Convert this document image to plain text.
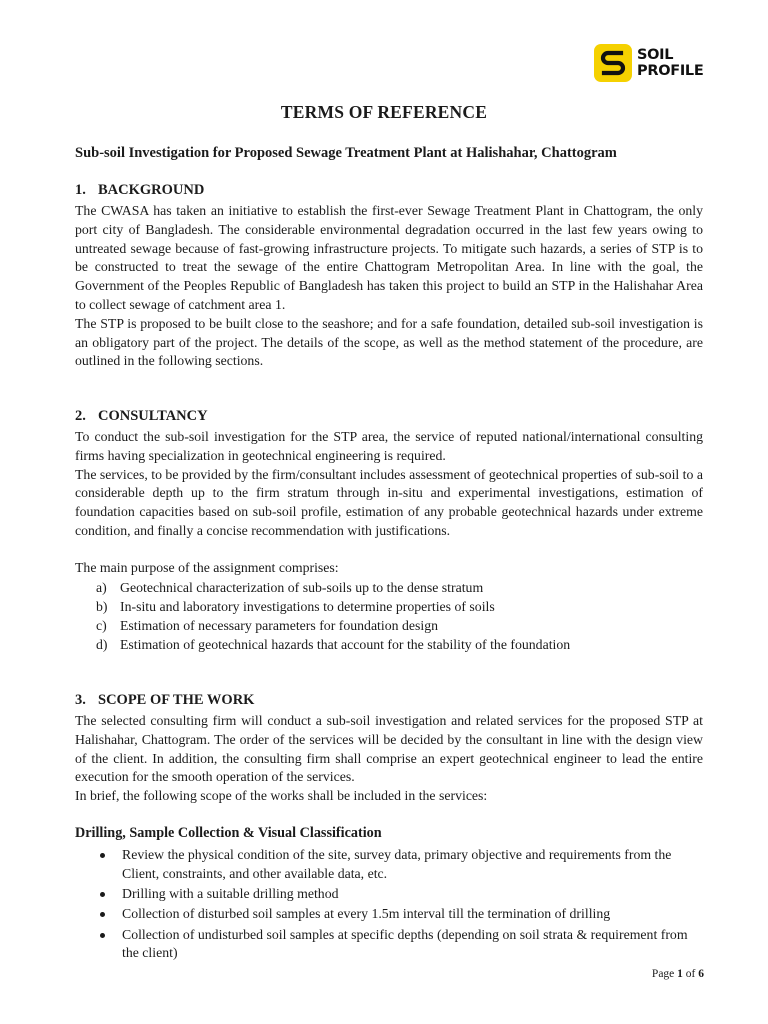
SOIL
PROFILE
TERMS OF REFERENCE
Sub-soil Investigation for Proposed Sewage Treatment Plant at Halishahar, Chattogram
1. BACKGROUND

The CWASA has taken an initiative to establish the first-ever Sewage Treatment Plant in Chattogram, the only port city of Bangladesh. The considerable environmental degradation occurred in the last few years owing to untreated sewage because of fast-growing infrastructure projects. To mitigate such hazards, a series of STP is to be constructed to treat the sewage of the entire Chattogram Metropolitan Area. In line with the goal, the Government of the Peoples Republic of Bangladesh has taken this project to build an STP in the Halishahar Area to collect sewage of catchment area 1.

The STP is proposed to be built close to the seashore; and for a safe foundation, detailed sub-soil investigation is an obligatory part of the project. The details of the scope, as well as the method statement of the procedure, are outlined in the following sections.

2. CONSULTANCY

To conduct the sub-soil investigation for the STP area, the service of reputed national/international consulting firms having specialization in geotechnical engineering is required.

The services, to be provided by the firm/consultant includes assessment of geotechnical properties of sub-soil to a considerable depth up to the firm stratum through in-situ and experimental investigations, estimation of foundation capacities based on sub-soil profile, estimation of any probable geotechnical hazards under extreme condition, and finally a concise recommendation with justifications.

The main purpose of the assignment comprises:
a) Geotechnical characterization of sub-soils up to the dense stratum
b) In-situ and laboratory investigations to determine properties of soils
c) Estimation of necessary parameters for foundation design
d) Estimation of geotechnical hazards that account for the stability of the foundation
3. SCOPE OF THE WORK

The selected consulting firm will conduct a sub-soil investigation and related services for the proposed STP at Halishahar, Chattogram. The order of the services will be decided by the consultant in line with the design view of the client. In addition, the consulting firm shall comprise an expert geotechnical engineer to lead the entire execution for the smooth operation of the services.

In brief, the following scope of the works shall be included in the services:

Drilling, Sample Collection & Visual Classification
Review the physical condition of the site, survey data, primary objective and requirements from the Client, constraints, and other available data, etc.
Drilling with a suitable drilling method
Collection of disturbed soil samples at every 1.5m interval till the termination of drilling
Collection of undisturbed soil samples at specific depths (depending on soil strata & requirement from the client)
Page 1 of 6
